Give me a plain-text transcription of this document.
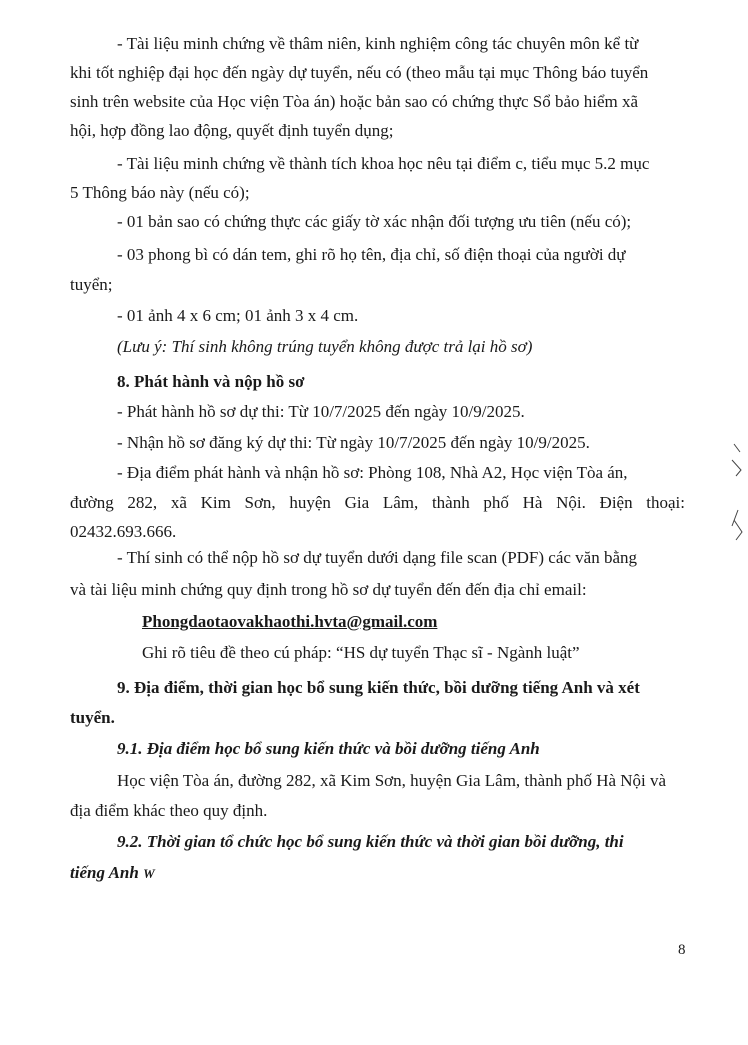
- Tài liệu minh chứng về thâm niên, kinh nghiệm công tác chuyên môn kể từ
khi tốt nghiệp đại học đến ngày dự tuyển, nếu có (theo mẫu tại mục Thông báo tuyển
sinh trên website của Học viện Tòa án) hoặc bản sao có chứng thực Sổ bảo hiểm xã
hội, hợp đồng lao động, quyết định tuyển dụng;
- Tài liệu minh chứng về thành tích khoa học nêu tại điểm c, tiểu mục 5.2 mục
5 Thông báo này (nếu có);
- 01 bản sao có chứng thực các giấy tờ xác nhận đối tượng ưu tiên (nếu có);
- 03 phong bì có dán tem, ghi rõ họ tên, địa chỉ, số điện thoại của người dự
tuyển;
- 01 ảnh 4 x 6 cm; 01 ảnh 3 x 4 cm.
(Lưu ý: Thí sinh không trúng tuyển không được trả lại hồ sơ)
8. Phát hành và nộp hồ sơ
- Phát hành hồ sơ dự thi: Từ 10/7/2025 đến ngày 10/9/2025.
- Nhận hồ sơ đăng ký dự thi: Từ ngày 10/7/2025 đến ngày 10/9/2025.
- Địa điểm phát hành và nhận hồ sơ: Phòng 108, Nhà A2, Học viện Tòa án,
đường 282, xã Kim Sơn, huyện Gia Lâm, thành phố Hà Nội. Điện thoại:
02432.693.666.
- Thí sinh có thể nộp hồ sơ dự tuyển dưới dạng file scan (PDF) các văn bằng
và tài liệu minh chứng quy định trong hồ sơ dự tuyển đến đến địa chỉ email:
Phongdaotaovakhaothi.hvta@gmail.com
Ghi rõ tiêu đề theo cú pháp: “HS dự tuyển Thạc sĩ - Ngành luật”
9. Địa điểm, thời gian học bổ sung kiến thức, bồi dưỡng tiếng Anh và xét
tuyển.
9.1. Địa điểm học bổ sung kiến thức và bồi dưỡng tiếng Anh
Học viện Tòa án, đường 282, xã Kim Sơn, huyện Gia Lâm, thành phố Hà Nội và
địa điểm khác theo quy định.
9.2. Thời gian tổ chức học bổ sung kiến thức và thời gian bồi dưỡng, thi
tiếng Anh W
8
